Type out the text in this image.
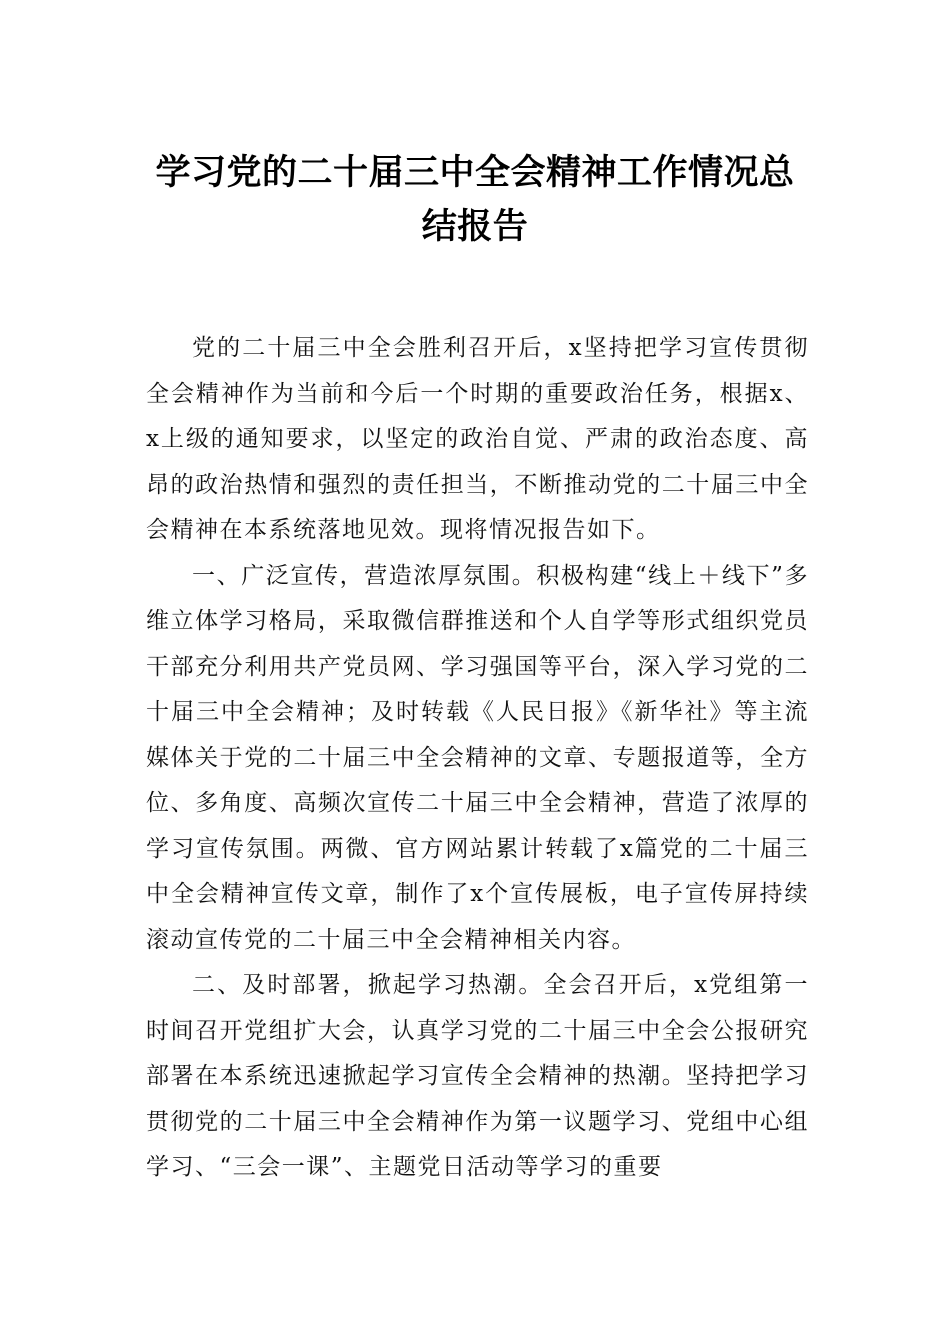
学习党的二十届三中全会精神工作情况总
结报告

党的二十届三中全会胜利召开后，x坚持把学习宣传贯彻全会精神作为当前和今后一个时期的重要政治任务，根据x、x上级的通知要求，以坚定的政治自觉、严肃的政治态度、高昂的政治热情和强烈的责任担当，不断推动党的二十届三中全会精神在本系统落地见效。现将情况报告如下。

一、广泛宣传，营造浓厚氛围。积极构建“线上＋线下”多维立体学习格局，采取微信群推送和个人自学等形式组织党员干部充分利用共产党员网、学习强国等平台，深入学习党的二十届三中全会精神；及时转载《人民日报》《新华社》等主流媒体关于党的二十届三中全会精神的文章、专题报道等，全方位、多角度、高频次宣传二十届三中全会精神，营造了浓厚的学习宣传氛围。两微、官方网站累计转载了x篇党的二十届三中全会精神宣传文章，制作了x个宣传展板，电子宣传屏持续滚动宣传党的二十届三中全会精神相关内容。

二、及时部署，掀起学习热潮。全会召开后，x党组第一时间召开党组扩大会，认真学习党的二十届三中全会公报研究部署在本系统迅速掀起学习宣传全会精神的热潮。坚持把学习贯彻党的二十届三中全会精神作为第一议题学习、党组中心组学习、“三会一课”、主题党日活动等学习的重要
